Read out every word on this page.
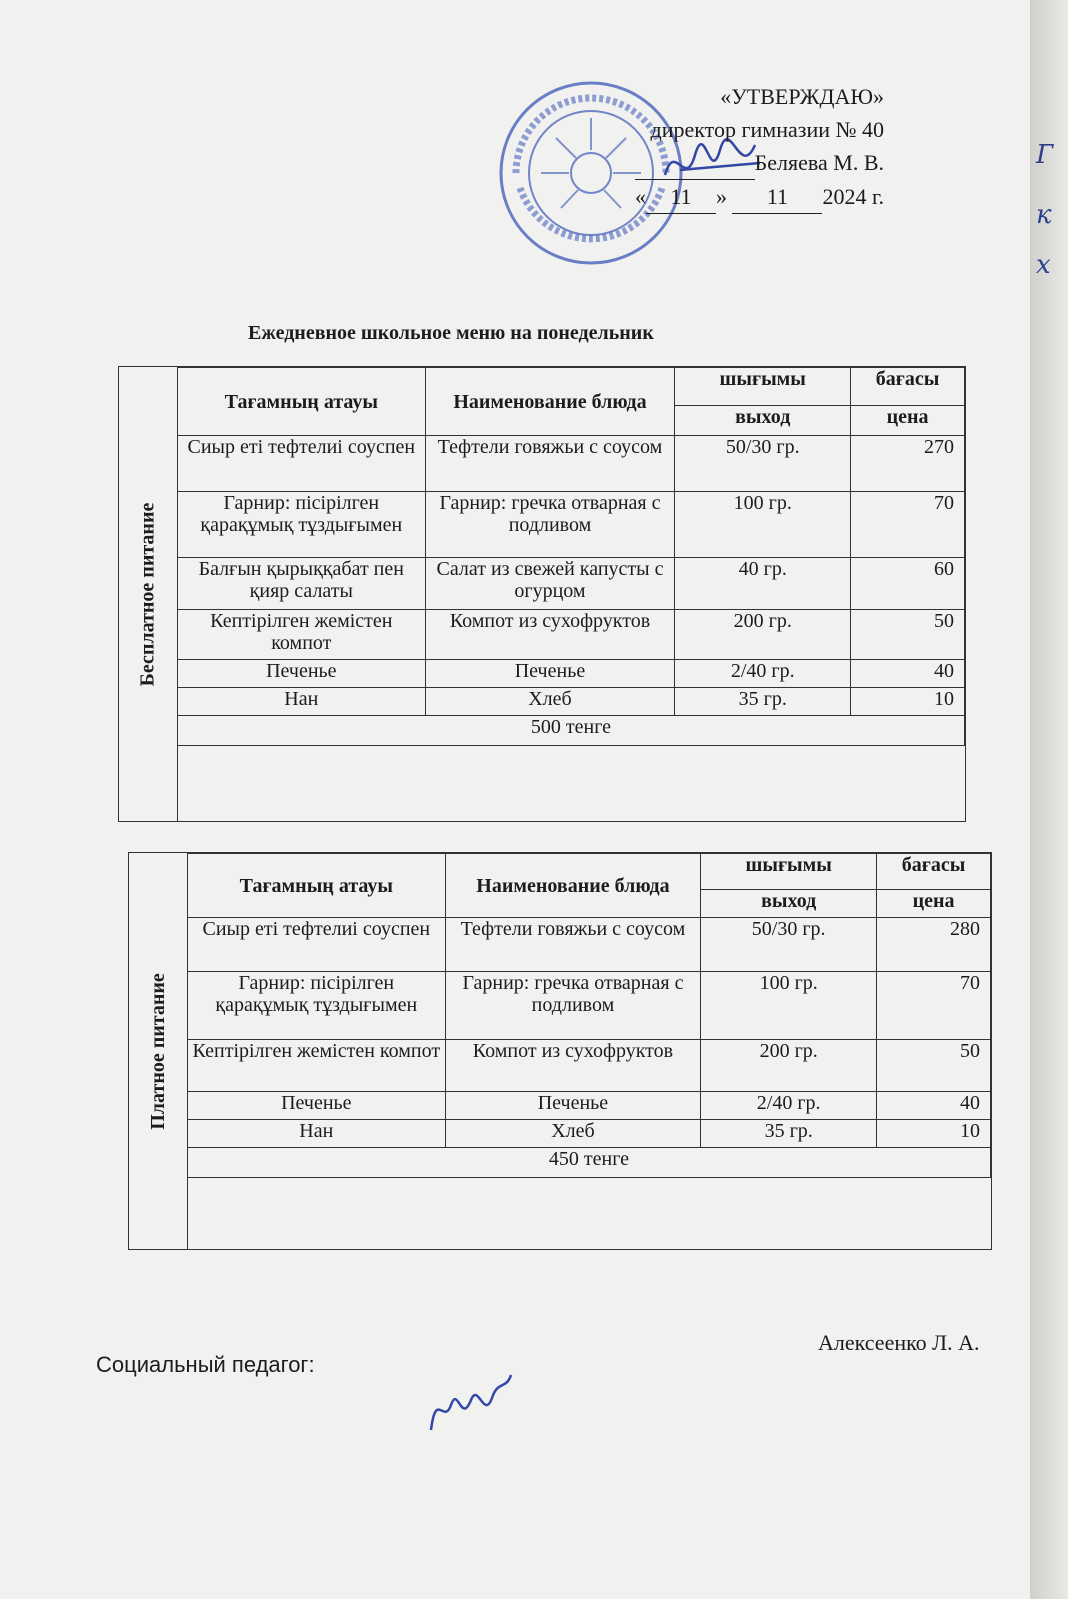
«УТВЕРЖДАЮ»
директор гимназии № 40
Беляева М. В.
« 11 » 11 2024 г.
Ежедневное школьное меню на понедельник
Бесплатное питание
Тағамның атауы	Наименование блюда	шығымы	бағасы
		выход	цена
Сиыр еті тефтелиі соуспен	Тефтели говяжьи с соусом	50/30 гр.	270
Гарнир: пісірілген қарақұмық тұздығымен	Гарнир: гречка отварная с подливом	100 гр.	70
Балғын қырыққабат пен қияр салаты	Салат из свежей капусты с огурцом	40 гр.	60
Кептірілген жемістен компот	Компот из сухофруктов	200 гр.	50
Печенье	Печенье	2/40 гр.	40
Нан	Хлеб	35 гр.	10
500 тенге			

Платное питание
Тағамның атауы	Наименование блюда	шығымы	бағасы
		выход	цена
Сиыр еті тефтелиі соуспен	Тефтели говяжьи с соусом	50/30 гр.	280
Гарнир: пісірілген қарақұмық тұздығымен	Гарнир: гречка отварная с подливом	100 гр.	70
Кептірілген жемістен компот	Компот из сухофруктов	200 гр.	50
Печенье	Печенье	2/40 гр.	40
Нан	Хлеб	35 гр.	10
450 тенге			

Социальный педагог:
Алексеенко Л. А.
Г
к
х
